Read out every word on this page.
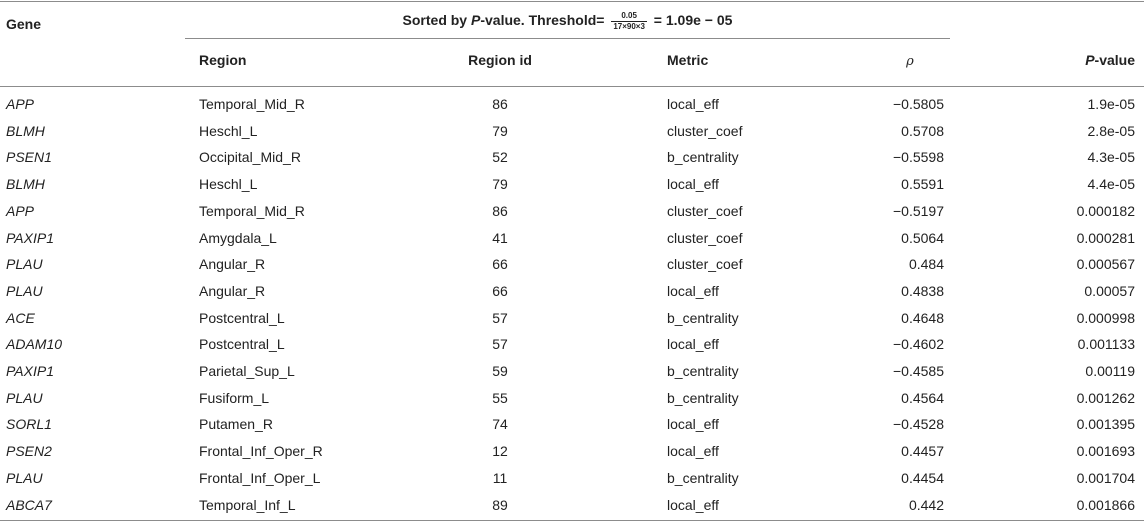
Gene	Sorted by P-value. Threshold= $\frac{0.05}{17\times 90\times 3} = 1.09e - 05$
Region	Region id	Metric	ρ	P-value
APP	Temporal_Mid_R	86	local_eff	−0.5805	1.9e-05
BLMH	Heschl_L	79	cluster_coef	0.5708	2.8e-05
PSEN1	Occipital_Mid_R	52	b_centrality	−0.5598	4.3e-05
BLMH	Heschl_L	79	local_eff	0.5591	4.4e-05
APP	Temporal_Mid_R	86	cluster_coef	−0.5197	0.000182
PAXIP1	Amygdala_L	41	cluster_coef	0.5064	0.000281
PLAU	Angular_R	66	cluster_coef	0.484	0.000567
PLAU	Angular_R	66	local_eff	0.4838	0.00057
ACE	Postcentral_L	57	b_centrality	0.4648	0.000998
ADAM10	Postcentral_L	57	local_eff	−0.4602	0.001133
PAXIP1	Parietal_Sup_L	59	b_centrality	−0.4585	0.00119
PLAU	Fusiform_L	55	b_centrality	0.4564	0.001262
SORL1	Putamen_R	74	local_eff	−0.4528	0.001395
PSEN2	Frontal_Inf_Oper_R	12	local_eff	0.4457	0.001693
PLAU	Frontal_Inf_Oper_L	11	b_centrality	0.4454	0.001704
ABCA7	Temporal_Inf_L	89	local_eff	0.442	0.001866
